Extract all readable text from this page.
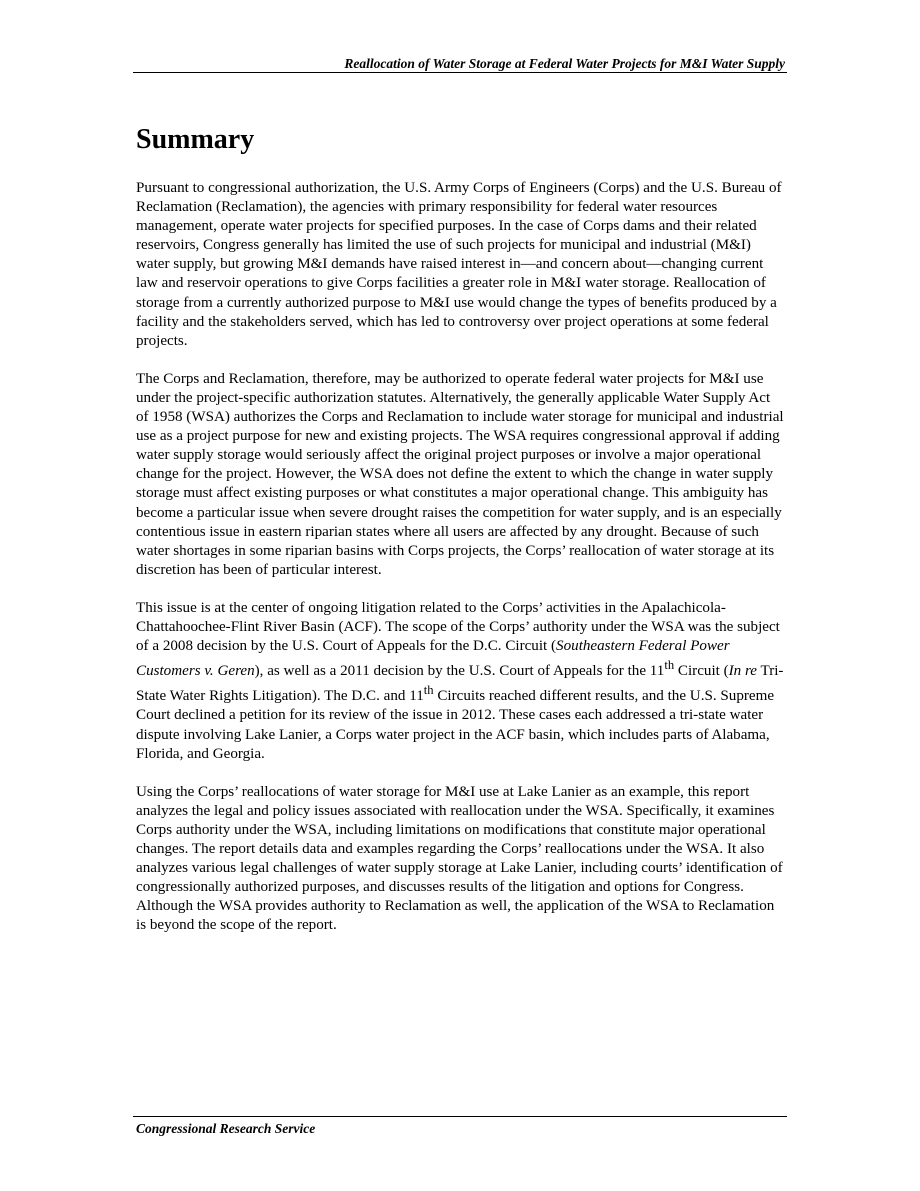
Reallocation of Water Storage at Federal Water Projects for M&I Water Supply
Summary

Pursuant to congressional authorization, the U.S. Army Corps of Engineers (Corps) and the U.S. Bureau of Reclamation (Reclamation), the agencies with primary responsibility for federal water resources management, operate water projects for specified purposes. In the case of Corps dams and their related reservoirs, Congress generally has limited the use of such projects for municipal and industrial (M&I) water supply, but growing M&I demands have raised interest in—and concern about—changing current law and reservoir operations to give Corps facilities a greater role in M&I water storage. Reallocation of storage from a currently authorized purpose to M&I use would change the types of benefits produced by a facility and the stakeholders served, which has led to controversy over project operations at some federal projects.

The Corps and Reclamation, therefore, may be authorized to operate federal water projects for M&I use under the project-specific authorization statutes. Alternatively, the generally applicable Water Supply Act of 1958 (WSA) authorizes the Corps and Reclamation to include water storage for municipal and industrial use as a project purpose for new and existing projects. The WSA requires congressional approval if adding water supply storage would seriously affect the original project purposes or involve a major operational change for the project. However, the WSA does not define the extent to which the change in water supply storage must affect existing purposes or what constitutes a major operational change. This ambiguity has become a particular issue when severe drought raises the competition for water supply, and is an especially contentious issue in eastern riparian states where all users are affected by any drought. Because of such water shortages in some riparian basins with Corps projects, the Corps’ reallocation of water storage at its discretion has been of particular interest.

This issue is at the center of ongoing litigation related to the Corps’ activities in the Apalachicola-Chattahoochee-Flint River Basin (ACF). The scope of the Corps’ authority under the WSA was the subject of a 2008 decision by the U.S. Court of Appeals for the D.C. Circuit (Southeastern Federal Power Customers v. Geren), as well as a 2011 decision by the U.S. Court of Appeals for the 11th Circuit (In re Tri-State Water Rights Litigation). The D.C. and 11th Circuits reached different results, and the U.S. Supreme Court declined a petition for its review of the issue in 2012. These cases each addressed a tri-state water dispute involving Lake Lanier, a Corps water project in the ACF basin, which includes parts of Alabama, Florida, and Georgia.

Using the Corps’ reallocations of water storage for M&I use at Lake Lanier as an example, this report analyzes the legal and policy issues associated with reallocation under the WSA. Specifically, it examines Corps authority under the WSA, including limitations on modifications that constitute major operational changes. The report details data and examples regarding the Corps’ reallocations under the WSA. It also analyzes various legal challenges of water supply storage at Lake Lanier, including courts’ identification of congressionally authorized purposes, and discusses results of the litigation and options for Congress. Although the WSA provides authority to Reclamation as well, the application of the WSA to Reclamation is beyond the scope of the report.

Congressional Research Service
